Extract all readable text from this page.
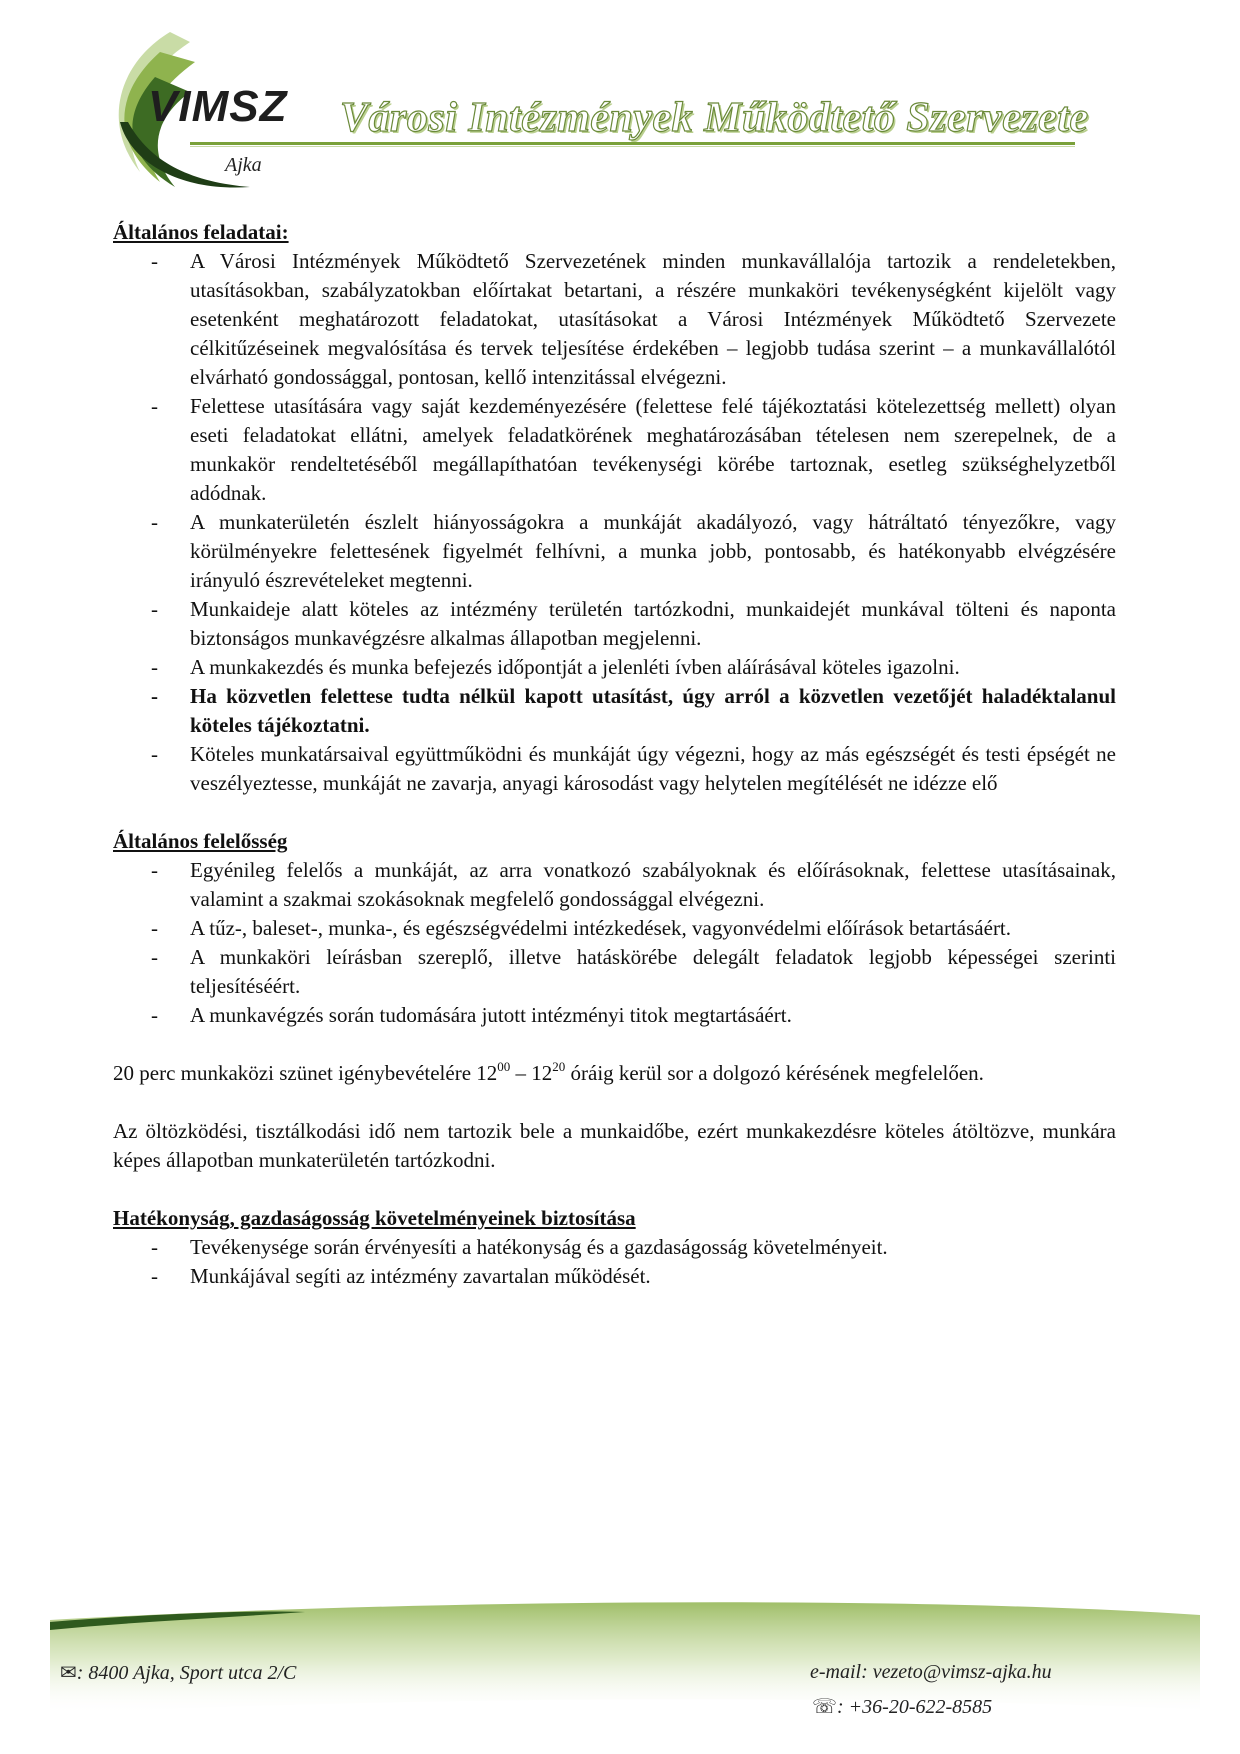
VIMSZ
Ajka
Városi Intézmények Működtető Szervezete

Általános feladatai:

- A Városi Intézmények Működtető Szervezetének minden munkavállalója tartozik a rendeletekben, utasításokban, szabályzatokban előírtakat betartani, a részére munkaköri tevékenységként kijelölt vagy esetenként meghatározott feladatokat, utasításokat a Városi Intézmények Működtető Szervezete célkitűzéseinek megvalósítása és tervek teljesítése érdekében – legjobb tudása szerint – a munkavállalótól elvárható gondossággal, pontosan, kellő intenzitással elvégezni.
- Felettese utasítására vagy saját kezdeményezésére (felettese felé tájékoztatási kötelezettség mellett) olyan eseti feladatokat ellátni, amelyek feladatkörének meghatározásában tételesen nem szerepelnek, de a munkakör rendeltetéséből megállapíthatóan tevékenységi körébe tartoznak, esetleg szükséghelyzetből adódnak.
- A munkaterületén észlelt hiányosságokra a munkáját akadályozó, vagy hátráltató tényezőkre, vagy körülményekre felettesének figyelmét felhívni, a munka jobb, pontosabb, és hatékonyabb elvégzésére irányuló észrevételeket megtenni.
- Munkaideje alatt köteles az intézmény területén tartózkodni, munkaidejét munkával tölteni és naponta biztonságos munkavégzésre alkalmas állapotban megjelenni.
- A munkakezdés és munka befejezés időpontját a jelenléti ívben aláírásával köteles igazolni.
- Ha közvetlen felettese tudta nélkül kapott utasítást, úgy arról a közvetlen vezetőjét haladéktalanul köteles tájékoztatni.
- Köteles munkatársaival együttműködni és munkáját úgy végezni, hogy az más egészségét és testi épségét ne veszélyeztesse, munkáját ne zavarja, anyagi károsodást vagy helytelen megítélését ne idézze elő

Általános felelősség

- Egyénileg felelős a munkáját, az arra vonatkozó szabályoknak és előírásoknak, felettese utasításainak, valamint a szakmai szokásoknak megfelelő gondossággal elvégezni.
- A tűz-, baleset-, munka-, és egészségvédelmi intézkedések, vagyonvédelmi előírások betartásáért.
- A munkaköri leírásban szereplő, illetve hatáskörébe delegált feladatok legjobb képességei szerinti teljesítéséért.
- A munkavégzés során tudomására jutott intézményi titok megtartásáért.

20 perc munkaközi szünet igénybevételére $12^{00} - 12^{20}$ óráig kerül sor a dolgozó kérésének megfelelően.

Az öltözködési, tisztálkodási idő nem tartozik bele a munkaidőbe, ezért munkakezdésre köteles átöltözve, munkára képes állapotban munkaterületén tartózkodni.

Hatékonyság, gazdaságosság követelményeinek biztosítása

- Tevékenysége során érvényesíti a hatékonyság és a gazdaságosság követelményeit.
- Munkájával segíti az intézmény zavartalan működését.
✉: 8400 Ajka, Sport utca 2/C	e-mail: vezeto@vimsz-ajka.hu
☏: +36-20-622-8585
